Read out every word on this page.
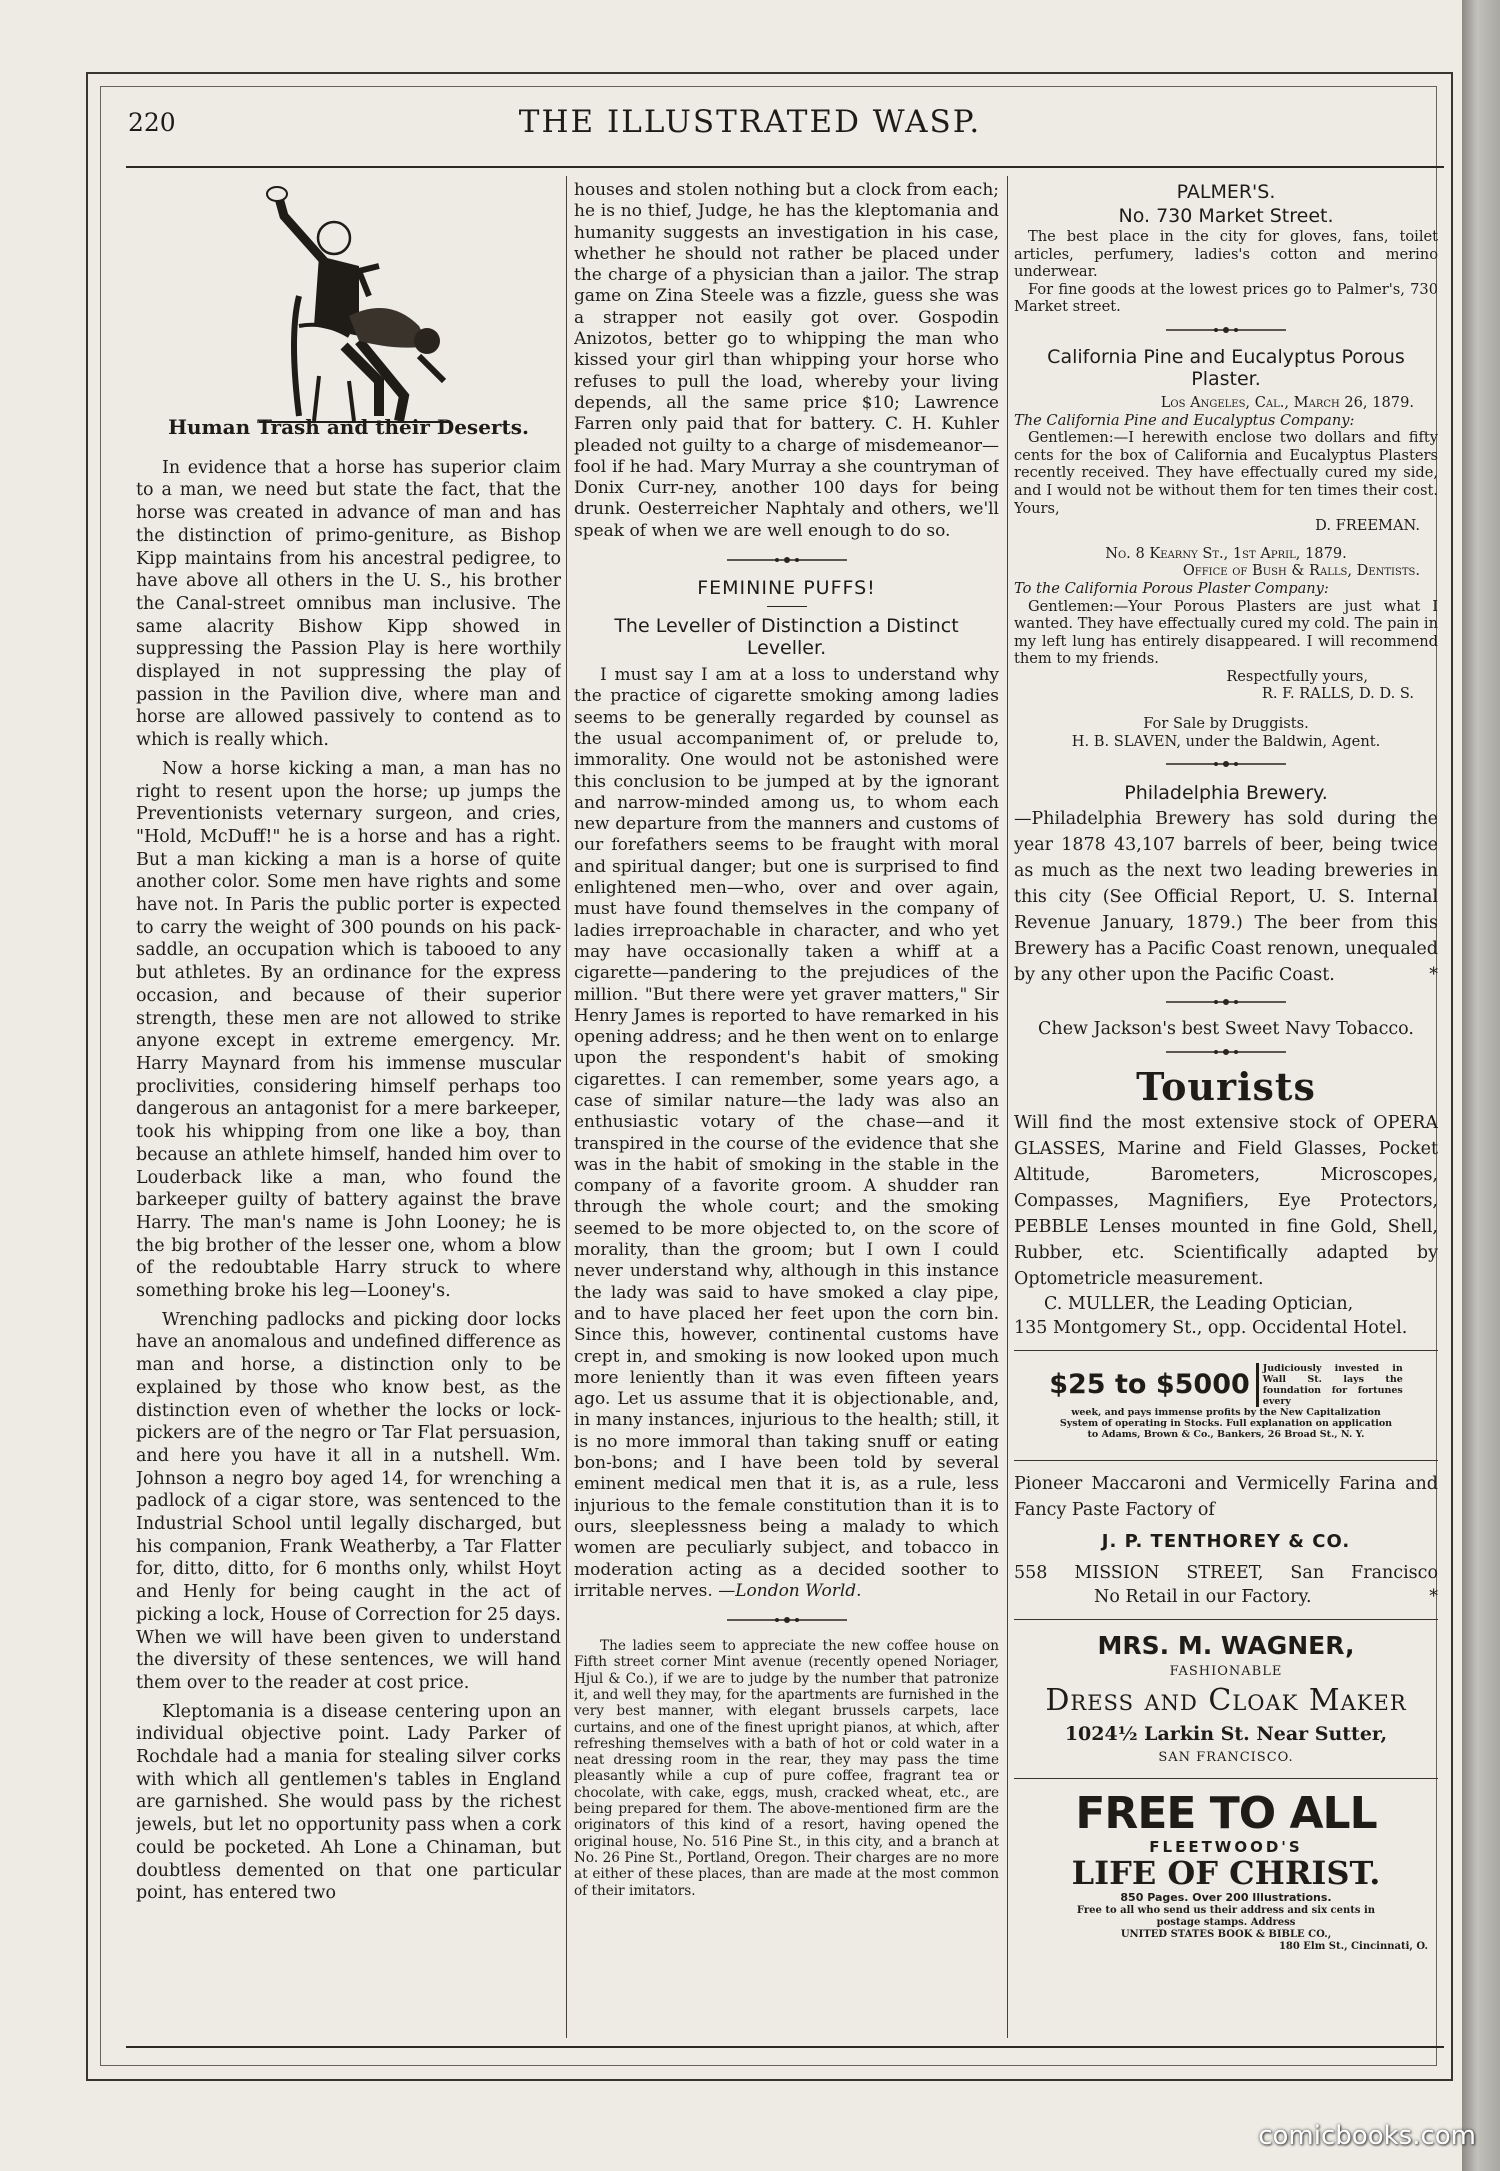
220	THE ILLUSTRATED WASP.
Human Trash and their Deserts.

In evidence that a horse has superior claim to a man, we need but state the fact, that the horse was created in advance of man and has the distinction of primo-geniture, as Bishop Kipp maintains from his ancestral pedigree, to have above all others in the U. S., his brother the Canal-street omnibus man inclusive. The same alacrity Bishow Kipp showed in suppressing the Passion Play is here worthily displayed in not suppressing the play of passion in the Pavilion dive, where man and horse are allowed passively to contend as to which is really which.

Now a horse kicking a man, a man has no right to resent upon the horse; up jumps the Preventionists veternary surgeon, and cries, "Hold, McDuff!" he is a horse and has a right. But a man kicking a man is a horse of quite another color. Some men have rights and some have not. In Paris the public porter is expected to carry the weight of 300 pounds on his pack-saddle, an occupation which is tabooed to any but athletes. By an ordinance for the express occasion, and because of their superior strength, these men are not allowed to strike anyone except in extreme emergency. Mr. Harry Maynard from his immense muscular proclivities, considering himself perhaps too dangerous an antagonist for a mere barkeeper, took his whipping from one like a boy, than because an athlete himself, handed him over to Louderback like a man, who found the barkeeper guilty of battery against the brave Harry. The man's name is John Looney; he is the big brother of the lesser one, whom a blow of the redoubtable Harry struck to where something broke his leg—Looney's.

Wrenching padlocks and picking door locks have an anomalous and undefined difference as man and horse, a distinction only to be explained by those who know best, as the distinction even of whether the locks or lock-pickers are of the negro or Tar Flat persuasion, and here you have it all in a nutshell. Wm. Johnson a negro boy aged 14, for wrenching a padlock of a cigar store, was sentenced to the Industrial School until legally discharged, but his companion, Frank Weatherby, a Tar Flatter for, ditto, ditto, for 6 months only, whilst Hoyt and Henly for being caught in the act of picking a lock, House of Correction for 25 days. When we will have been given to understand the diversity of these sentences, we will hand them over to the reader at cost price.

Kleptomania is a disease centering upon an individual objective point. Lady Parker of Rochdale had a mania for stealing silver corks with which all gentlemen's tables in England are garnished. She would pass by the richest jewels, but let no opportunity pass when a cork could be pocketed. Ah Lone a Chinaman, but doubtless demented on that one particular point, has entered two

houses and stolen nothing but a clock from each; he is no thief, Judge, he has the kleptomania and humanity suggests an investigation in his case, whether he should not rather be placed under the charge of a physician than a jailor. The strap game on Zina Steele was a fizzle, guess she was a strapper not easily got over. Gospodin Anizotos, better go to whipping the man who kissed your girl than whipping your horse who refuses to pull the load, whereby your living depends, all the same price $10; Lawrence Farren only paid that for battery. C. H. Kuhler pleaded not guilty to a charge of misdemeanor—fool if he had. Mary Murray a she countryman of Donix Curr-ney, another 100 days for being drunk. Oesterreicher Naphtaly and others, we'll speak of when we are well enough to do so.

FEMININE PUFFS!
The Leveller of Distinction a Distinct Leveller.

I must say I am at a loss to understand why the practice of cigarette smoking among ladies seems to be generally regarded by counsel as the usual accompaniment of, or prelude to, immorality. One would not be astonished were this conclusion to be jumped at by the ignorant and narrow-minded among us, to whom each new departure from the manners and customs of our forefathers seems to be fraught with moral and spiritual danger; but one is surprised to find enlightened men—who, over and over again, must have found themselves in the company of ladies irreproachable in character, and who yet may have occasionally taken a whiff at a cigarette—pandering to the prejudices of the million. "But there were yet graver matters," Sir Henry James is reported to have remarked in his opening address; and he then went on to enlarge upon the respondent's habit of smoking cigarettes. I can remember, some years ago, a case of similar nature—the lady was also an enthusiastic votary of the chase—and it transpired in the course of the evidence that she was in the habit of smoking in the stable in the company of a favorite groom. A shudder ran through the whole court; and the smoking seemed to be more objected to, on the score of morality, than the groom; but I own I could never understand why, although in this instance the lady was said to have smoked a clay pipe, and to have placed her feet upon the corn bin. Since this, however, continental customs have crept in, and smoking is now looked upon much more leniently than it was even fifteen years ago. Let us assume that it is objectionable, and, in many instances, injurious to the health; still, it is no more immoral than taking snuff or eating bon-bons; and I have been told by several eminent medical men that it is, as a rule, less injurious to the female constitution than it is to ours, sleeplessness being a malady to which women are peculiarly subject, and tobacco in moderation acting as a decided soother to irritable nerves. —London World.

The ladies seem to appreciate the new coffee house on Fifth street corner Mint avenue (recently opened Noriager, Hjul & Co.), if we are to judge by the number that patronize it, and well they may, for the apartments are furnished in the very best manner, with elegant brussels carpets, lace curtains, and one of the finest upright pianos, at which, after refreshing themselves with a bath of hot or cold water in a neat dressing room in the rear, they may pass the time pleasantly while a cup of pure coffee, fragrant tea or chocolate, with cake, eggs, mush, cracked wheat, etc., are being prepared for them. The above-mentioned firm are the originators of this kind of a resort, having opened the original house, No. 516 Pine St., in this city, and a branch at No. 26 Pine St., Portland, Oregon. Their charges are no more at either of these places, than are made at the most common of their imitators.

PALMER'S.
No. 730 Market Street.
The best place in the city for gloves, fans, toilet articles, perfumery, ladies's cotton and merino underwear.
For fine goods at the lowest prices go to Palmer's, 730 Market street.
California Pine and Eucalyptus Porous Plaster.
Los Angeles, Cal., March 26, 1879.
The California Pine and Eucalyptus Company:
Gentlemen:—I herewith enclose two dollars and fifty cents for the box of California and Eucalyptus Plasters recently received. They have effectually cured my side, and I would not be without them for ten times their cost. Yours,
D. FREEMAN.
No. 8 Kearny St., 1st April, 1879.
Office of Bush & Ralls, Dentists.
To the California Porous Plaster Company:
Gentlemen:—Your Porous Plasters are just what I wanted. They have effectually cured my cold. The pain in my left lung has entirely disappeared. I will recommend them to my friends.
Respectfully yours,
R. F. RALLS, D. D. S.
For Sale by Druggists.
H. B. SLAVEN, under the Baldwin, Agent.
Philadelphia Brewery.
—Philadelphia Brewery has sold during the year 1878 43,107 barrels of beer, being twice as much as the next two leading breweries in this city (See Official Report, U. S. Internal Revenue January, 1879.) The beer from this Brewery has a Pacific Coast renown, unequaled by any other upon the Pacific Coast.	*
Chew Jackson's best Sweet Navy Tobacco.
Tourists
Will find the most extensive stock of OPERA GLASSES, Marine and Field Glasses, Pocket Altitude, Barometers, Microscopes, Compasses, Magnifiers, Eye Protectors, PEBBLE Lenses mounted in fine Gold, Shell, Rubber, etc. Scientifically adapted by Optometricle measurement.
C. MULLER, the Leading Optician,
135 Montgomery St., opp. Occidental Hotel.
$25 to $5000
Judiciously invested in Wall St. lays the foundation for fortunes every
week, and pays immense profits by the New Capitalization System of operating in Stocks. Full explanation on application to Adams, Brown & Co., Bankers, 26 Broad St., N. Y.
Pioneer Maccaroni and Vermicelly Farina and Fancy Paste Factory of
J. P. TENTHOREY & CO.
558 MISSION STREET, San Francisco
No Retail in our Factory.	*
MRS. M. WAGNER,
FASHIONABLE
Dress and Cloak Maker
1024½ Larkin St. Near Sutter,
SAN FRANCISCO.
FREE TO ALL
FLEETWOOD'S
LIFE OF CHRIST.
850 Pages. Over 200 Illustrations.
Free to all who send us their address and six cents in postage stamps. Address
UNITED STATES BOOK & BIBLE CO.,
180 Elm St., Cincinnati, O.
comicbooks.com
